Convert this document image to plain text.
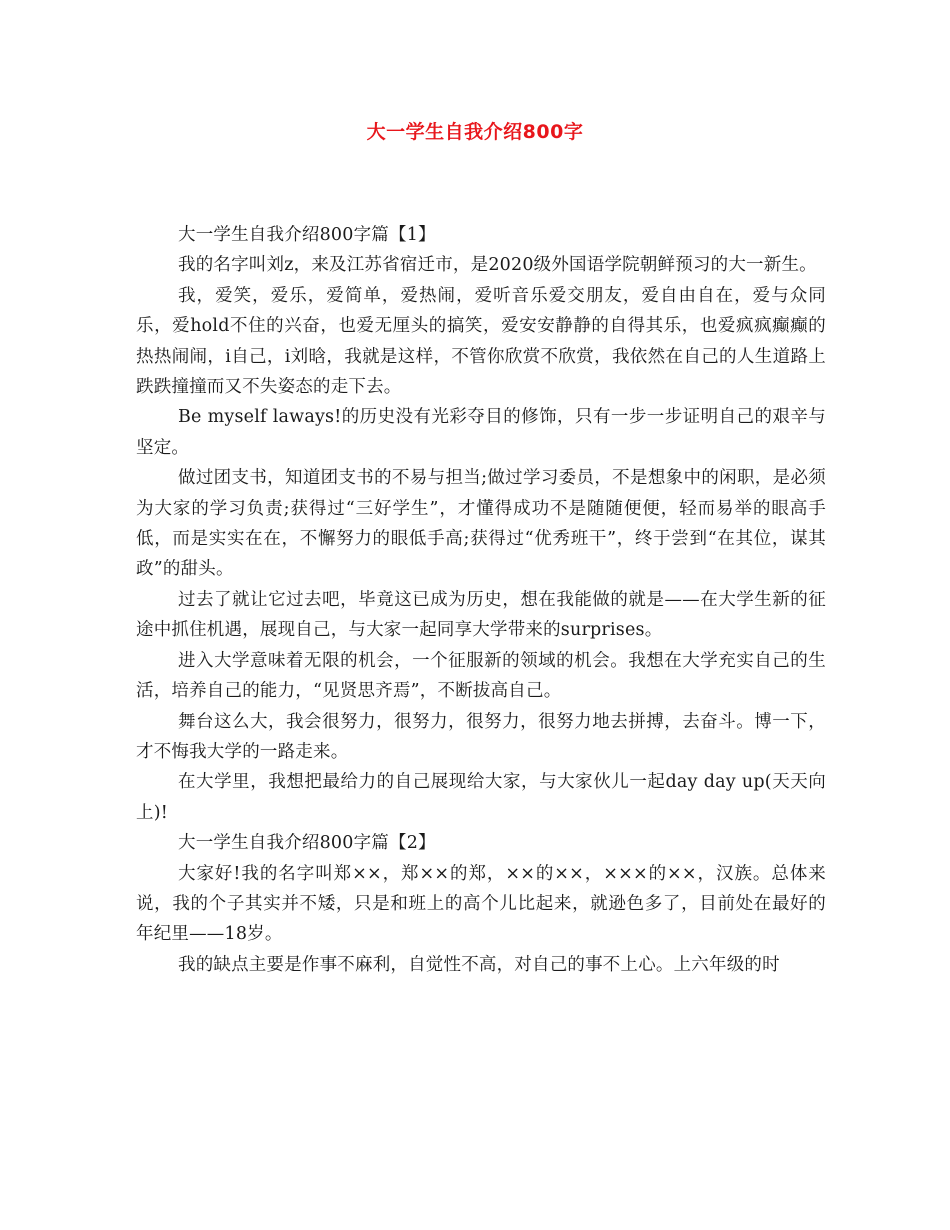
大一学生自我介绍800字

大一学生自我介绍800字篇【1】

我的名字叫刘z，来及江苏省宿迁市，是2020级外国语学院朝鲜预习的大一新生。

我，爱笑，爱乐，爱简单，爱热闹，爱听音乐爱交朋友，爱自由自在，爱与众同乐，爱hold不住的兴奋，也爱无厘头的搞笑，爱安安静静的自得其乐，也爱疯疯癫癫的热热闹闹，i自己，i刘晗，我就是这样，不管你欣赏不欣赏，我依然在自己的人生道路上跌跌撞撞而又不失姿态的走下去。

Be myself laways!的历史没有光彩夺目的修饰，只有一步一步证明自己的艰辛与坚定。

做过团支书，知道团支书的不易与担当;做过学习委员，不是想象中的闲职，是必须为大家的学习负责;获得过“三好学生”，才懂得成功不是随随便便，轻而易举的眼高手低，而是实实在在，不懈努力的眼低手高;获得过“优秀班干”，终于尝到“在其位，谋其政”的甜头。

过去了就让它过去吧，毕竟这已成为历史，想在我能做的就是——在大学生新的征途中抓住机遇，展现自己，与大家一起同享大学带来的surprises。

进入大学意味着无限的机会，一个征服新的领域的机会。我想在大学充实自己的生活，培养自己的能力，“见贤思齐焉”，不断拔高自己。

舞台这么大，我会很努力，很努力，很努力，很努力地去拼搏，去奋斗。博一下，才不悔我大学的一路走来。

在大学里，我想把最给力的自己展现给大家，与大家伙儿一起day day up(天天向上)!

大一学生自我介绍800字篇【2】

大家好!我的名字叫郑××，郑××的郑，××的××，×××的××，汉族。总体来说，我的个子其实并不矮，只是和班上的高个儿比起来，就逊色多了，目前处在最好的年纪里——18岁。

我的缺点主要是作事不麻利，自觉性不高，对自己的事不上心。上六年级的时
